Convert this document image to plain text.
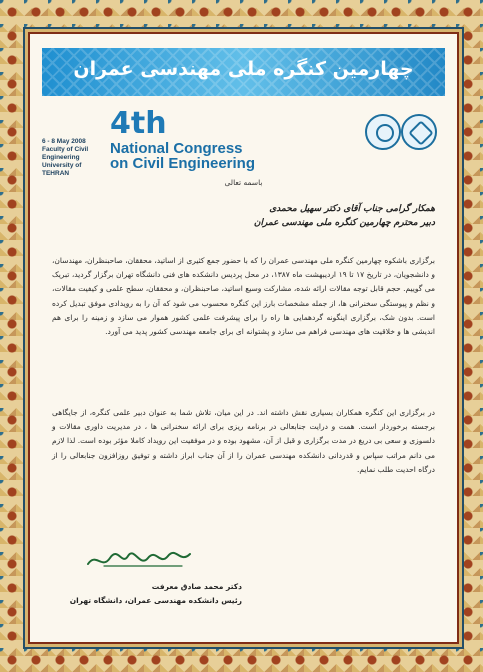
چهارمین کنگره ملی مهندسی عمران
6 - 8 May 2008
Faculty of Civil Engineering
University of TEHRAN
4th
National Congress
on Civil Engineering
باسمه تعالی
همکار گرامی جناب آقای دکتر سهیل محمدی
دبیر محترم چهارمین کنگره ملی مهندسی عمران
برگزاری باشکوه چهارمین کنگره ملی مهندسی عمران را که با حضور جمع کثیری از اساتید، محققان، صاحبنظران، مهندسان، و دانشجویان، در تاریخ ۱۷ تا ۱۹ اردیبهشت ماه ۱۳۸۷، در محل پردیس دانشکده های فنی دانشگاه تهران برگزار گردید، تبریک می گوییم. حجم قابل توجه مقالات ارائه شده، مشارکت وسیع اساتید، صاحبنظران، و محققان، سطح علمی و کیفیت مقالات، و نظم و پیوستگی سخنرانی ها، از جمله مشخصات بارز این کنگره محسوب می شود که آن را به رویدادی موفق تبدیل کرده است. بدون شک، برگزاری اینگونه گردهمایی ها راه را برای پیشرفت علمی کشور هموار می سازد و زمینه را برای هم اندیشی ها و خلاقیت های مهندسی فراهم می سازد و پشتوانه ای برای جامعه مهندسی کشور پدید می آورد.
در برگزاری این کنگره همکاران بسیاری نقش داشته اند. در این میان، تلاش شما به عنوان دبیر علمی کنگره، از جایگاهی برجسته برخوردار است. همت و درایت جنابعالی در برنامه ریزی برای ارائه سخنرانی ها ، در مدیریت داوری مقالات و دلسوزی و سعی بی دریغ در مدت برگزاری و قبل از آن، مشهود بوده و در موفقیت این رویداد کاملا مؤثر بوده است. لذا لازم می دانم مراتب سپاس و قدردانی دانشکده مهندسی عمران را از آن جناب ابراز داشته و توفیق روزافزون جنابعالی را از درگاه احدیت طلب نمایم.
دکتر محمد صادق معرفت
رئیس دانشکده مهندسی عمران، دانشگاه تهران
